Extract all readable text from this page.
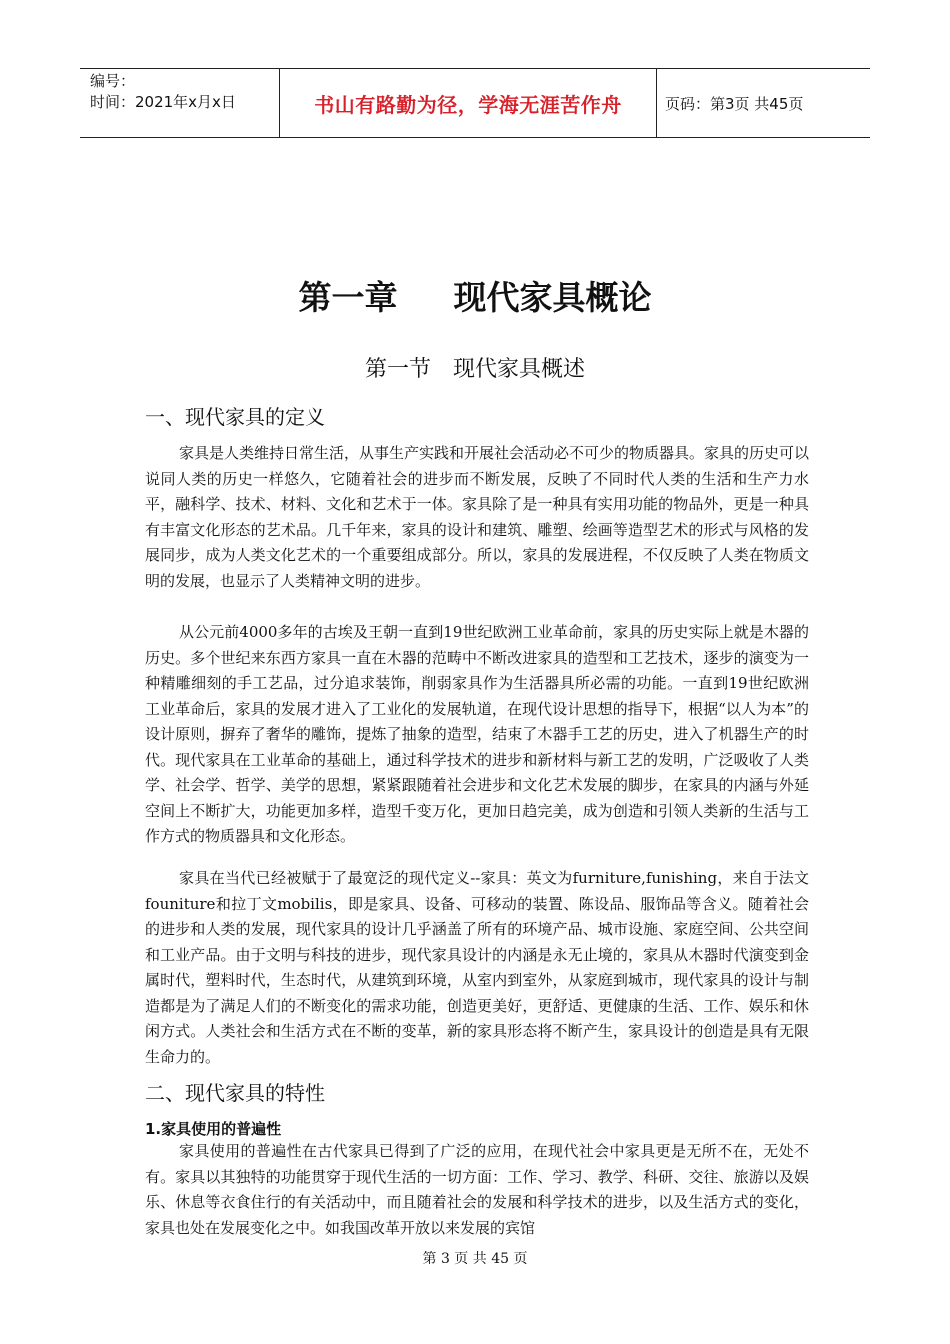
编号：
时间：2021年x月x日	书山有路勤为径，学海无涯苦作舟	页码：第3页 共45页
第一章 现代家具概论
第一节 现代家具概述
一、现代家具的定义

家具是人类维持日常生活，从事生产实践和开展社会活动必不可少的物质器具。家具的历史可以说同人类的历史一样悠久，它随着社会的进步而不断发展，反映了不同时代人类的生活和生产力水平，融科学、技术、材料、文化和艺术于一体。家具除了是一种具有实用功能的物品外，更是一种具有丰富文化形态的艺术品。几千年来，家具的设计和建筑、雕塑、绘画等造型艺术的形式与风格的发展同步，成为人类文化艺术的一个重要组成部分。所以，家具的发展进程，不仅反映了人类在物质文明的发展，也显示了人类精神文明的进步。

从公元前4000多年的古埃及王朝一直到19世纪欧洲工业革命前，家具的历史实际上就是木器的历史。多个世纪来东西方家具一直在木器的范畴中不断改进家具的造型和工艺技术，逐步的演变为一种精雕细刻的手工艺品，过分追求装饰，削弱家具作为生活器具所必需的功能。一直到19世纪欧洲工业革命后，家具的发展才进入了工业化的发展轨道，在现代设计思想的指导下，根据“以人为本”的设计原则，摒弃了奢华的雕饰，提炼了抽象的造型，结束了木器手工艺的历史，进入了机器生产的时代。现代家具在工业革命的基础上，通过科学技术的进步和新材料与新工艺的发明，广泛吸收了人类学、社会学、哲学、美学的思想，紧紧跟随着社会进步和文化艺术发展的脚步，在家具的内涵与外延空间上不断扩大，功能更加多样，造型千变万化，更加日趋完美，成为创造和引领人类新的生活与工作方式的物质器具和文化形态。

家具在当代已经被赋于了最宽泛的现代定义--家具：英文为furniture,funishing，来自于法文founiture和拉丁文mobilis，即是家具、设备、可移动的装置、陈设品、服饰品等含义。随着社会的进步和人类的发展，现代家具的设计几乎涵盖了所有的环境产品、城市设施、家庭空间、公共空间和工业产品。由于文明与科技的进步，现代家具设计的内涵是永无止境的，家具从木器时代演变到金属时代，塑料时代，生态时代，从建筑到环境，从室内到室外，从家庭到城市，现代家具的设计与制造都是为了满足人们的不断变化的需求功能，创造更美好，更舒适、更健康的生活、工作、娱乐和休闲方式。人类社会和生活方式在不断的变革，新的家具形态将不断产生，家具设计的创造是具有无限生命力的。

二、现代家具的特性
1.家具使用的普遍性

家具使用的普遍性在古代家具已得到了广泛的应用，在现代社会中家具更是无所不在，无处不有。家具以其独特的功能贯穿于现代生活的一切方面：工作、学习、教学、科研、交往、旅游以及娱乐、休息等衣食住行的有关活动中，而且随着社会的发展和科学技术的进步，以及生活方式的变化，家具也处在发展变化之中。如我国改革开放以来发展的宾馆

第 3 页 共 45 页
